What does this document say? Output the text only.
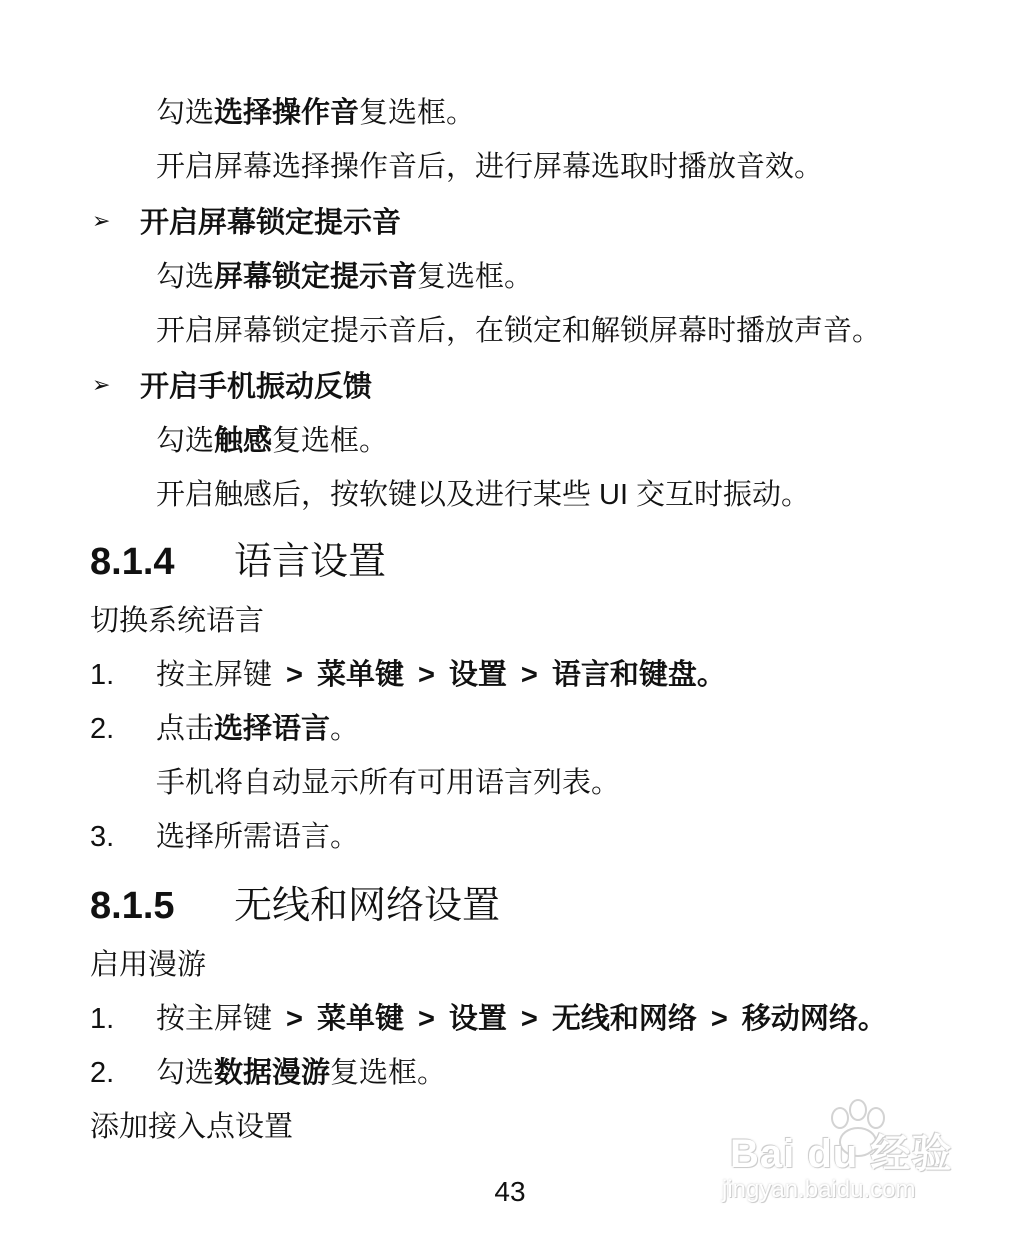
勾选选择操作音复选框。
开启屏幕选择操作音后，进行屏幕选取时播放音效。
➢ 开启屏幕锁定提示音
勾选屏幕锁定提示音复选框。
开启屏幕锁定提示音后，在锁定和解锁屏幕时播放声音。
➢ 开启手机振动反馈
勾选触感复选框。
开启触感后，按软键以及进行某些 UI 交互时振动。
8.1.4 语言设置
切换系统语言
1. 按主屏键 > 菜单键 > 设置 > 语言和键盘。
2. 点击选择语言。
手机将自动显示所有可用语言列表。
3. 选择所需语言。
8.1.5 无线和网络设置
启用漫游
1. 按主屏键 > 菜单键 > 设置 > 无线和网络 > 移动网络。
2. 勾选数据漫游复选框。
添加接入点设置
43
Bai du 经验
jingyan.baidu.com
